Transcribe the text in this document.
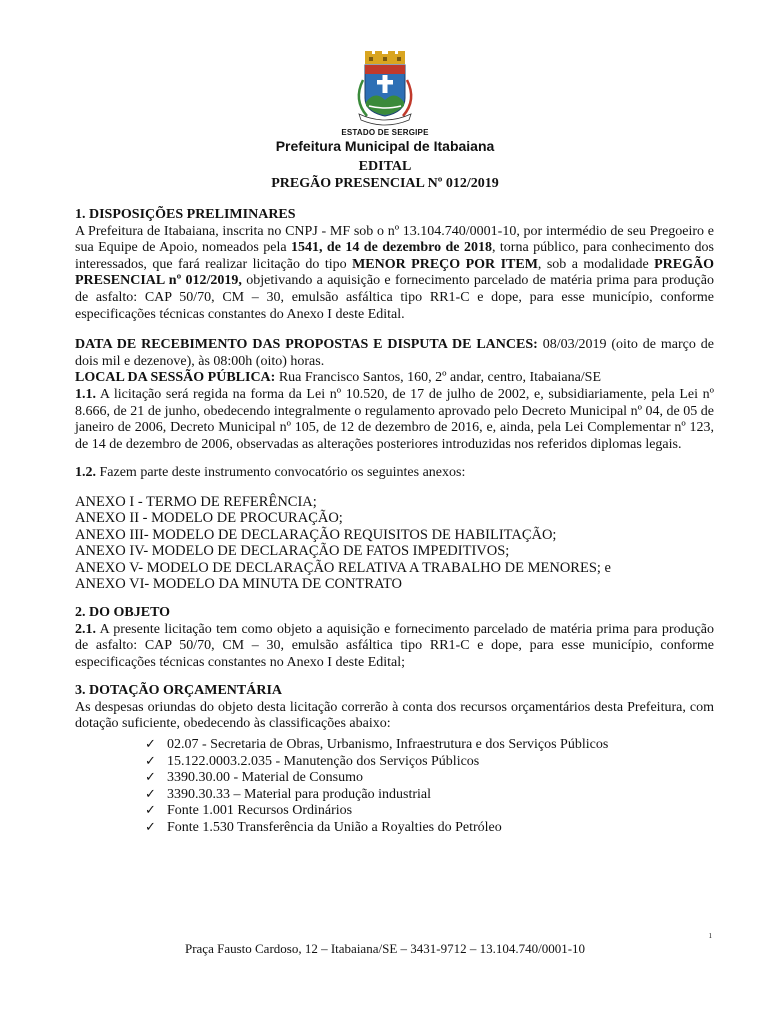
ESTADO DE SERGIPE
Prefeitura Municipal de Itabaiana
EDITAL
PREGÃO PRESENCIAL Nº 012/2019

1. DISPOSIÇÕES PRELIMINARES

A Prefeitura de Itabaiana, inscrita no CNPJ - MF sob o nº 13.104.740/0001-10, por intermédio de seu Pregoeiro e sua Equipe de Apoio, nomeados pela 1541, de 14 de dezembro de 2018, torna público, para conhecimento dos interessados, que fará realizar licitação do tipo MENOR PREÇO POR ITEM, sob a modalidade PREGÃO PRESENCIAL nº 012/2019, objetivando a aquisição e fornecimento parcelado de matéria prima para produção de asfalto: CAP 50/70, CM – 30, emulsão asfáltica tipo RR1-C e dope, para esse município, conforme especificações técnicas constantes do Anexo I deste Edital.

DATA DE RECEBIMENTO DAS PROPOSTAS E DISPUTA DE LANCES: 08/03/2019 (oito de março de dois mil e dezenove), às 08:00h (oito) horas.

LOCAL DA SESSÃO PÚBLICA: Rua Francisco Santos, 160, 2º andar, centro, Itabaiana/SE

1.1. A licitação será regida na forma da Lei nº 10.520, de 17 de julho de 2002, e, subsidiariamente, pela Lei nº 8.666, de 21 de junho, obedecendo integralmente o regulamento aprovado pelo Decreto Municipal nº 04, de 05 de janeiro de 2006, Decreto Municipal nº 105, de 12 de dezembro de 2016, e, ainda, pela Lei Complementar nº 123, de 14 de dezembro de 2006, observadas as alterações posteriores introduzidas nos referidos diplomas legais.

1.2. Fazem parte deste instrumento convocatório os seguintes anexos:

ANEXO I - TERMO DE REFERÊNCIA;
ANEXO II - MODELO DE PROCURAÇÃO;
ANEXO III- MODELO DE DECLARAÇÃO REQUISITOS DE HABILITAÇÃO;
ANEXO IV- MODELO DE DECLARAÇÃO DE FATOS IMPEDITIVOS;
ANEXO V- MODELO DE DECLARAÇÃO RELATIVA A TRABALHO DE MENORES; e
ANEXO VI- MODELO DA MINUTA DE CONTRATO

2. DO OBJETO

2.1. A presente licitação tem como objeto a aquisição e fornecimento parcelado de matéria prima para produção de asfalto: CAP 50/70, CM – 30, emulsão asfáltica tipo RR1-C e dope, para esse município, conforme especificações técnicas constantes no Anexo I deste Edital;

3. DOTAÇÃO ORÇAMENTÁRIA

As despesas oriundas do objeto desta licitação correrão à conta dos recursos orçamentários desta Prefeitura, com dotação suficiente, obedecendo às classificações abaixo:

✓ 02.07 - Secretaria de Obras, Urbanismo, Infraestrutura e dos Serviços Públicos
✓ 15.122.0003.2.035 - Manutenção dos Serviços Públicos
✓ 3390.30.00 - Material de Consumo
✓ 3390.30.33 – Material para produção industrial
✓ Fonte 1.001 Recursos Ordinários
✓ Fonte 1.530 Transferência da União a Royalties do Petróleo
1
Praça Fausto Cardoso, 12 – Itabaiana/SE – 3431-9712 – 13.104.740/0001-10
